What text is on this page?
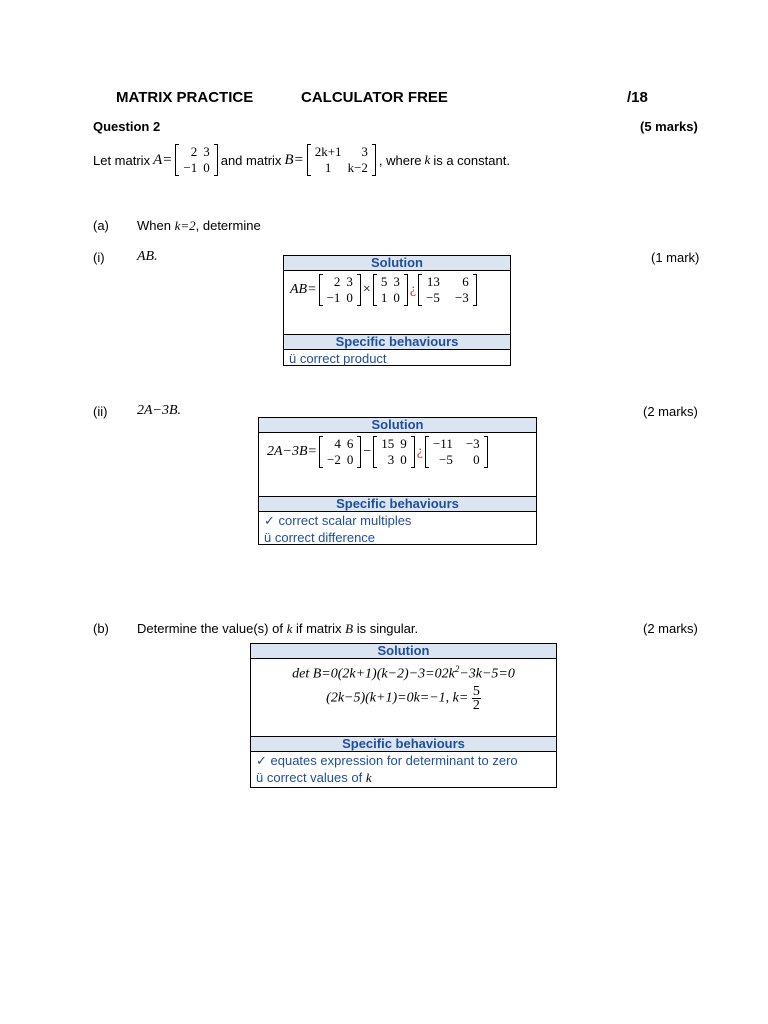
MATRIX PRACTICE	CALCULATOR FREE	/18
Question 2	(5 marks)
Let matrix A= 2	3
−1	0 and matrix B= 2k+1	3
1	k−2 , where k is a constant.
(a) When k=2, determine
(i) AB.	(1 mark)
Solution
AB=
2	3
−1	0
×
5	3
1	0
¿
13	6
−5	−3
Specific behaviours
ü correct product
(ii) 2A−3B.	(2 marks)
Solution
2A−3B=
4	6
−2	0
−
15	9
3	0
¿
−11	−3
−5	0
Specific behaviours
✓ correct scalar multiples
ü correct difference
(b) Determine the value(s) of k if matrix B is singular.	(2 marks)
Solution
$\det B=0(2k+1)(k-2)-3=02k^2-3k-5=0$
(2k−5)(k+1)=0k=−1, $k= \frac{5}{2}$
Specific behaviours
✓ equates expression for determinant to zero
ü correct values of k
